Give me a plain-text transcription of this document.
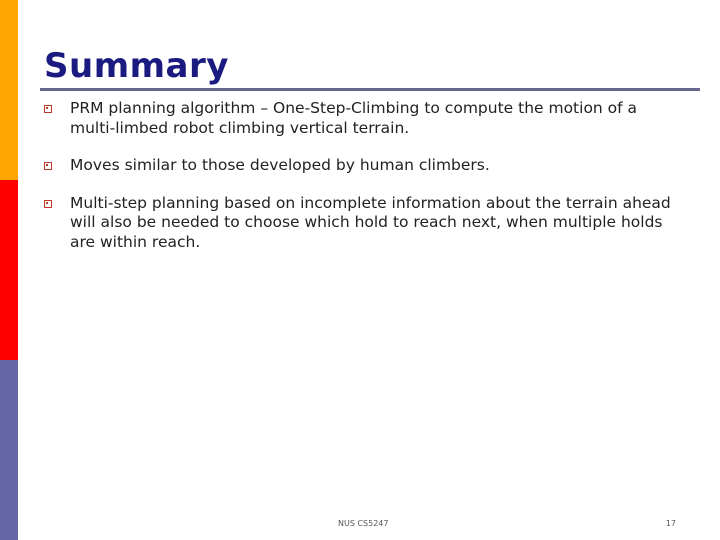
Summary
PRM planning algorithm – One-Step-Climbing to compute the motion of a multi-limbed robot climbing vertical terrain.
Moves similar to those developed by human climbers.
Multi-step planning based on incomplete information about the terrain ahead will also be needed to choose which hold to reach next, when multiple holds are within reach.
NUS CS5247	17
